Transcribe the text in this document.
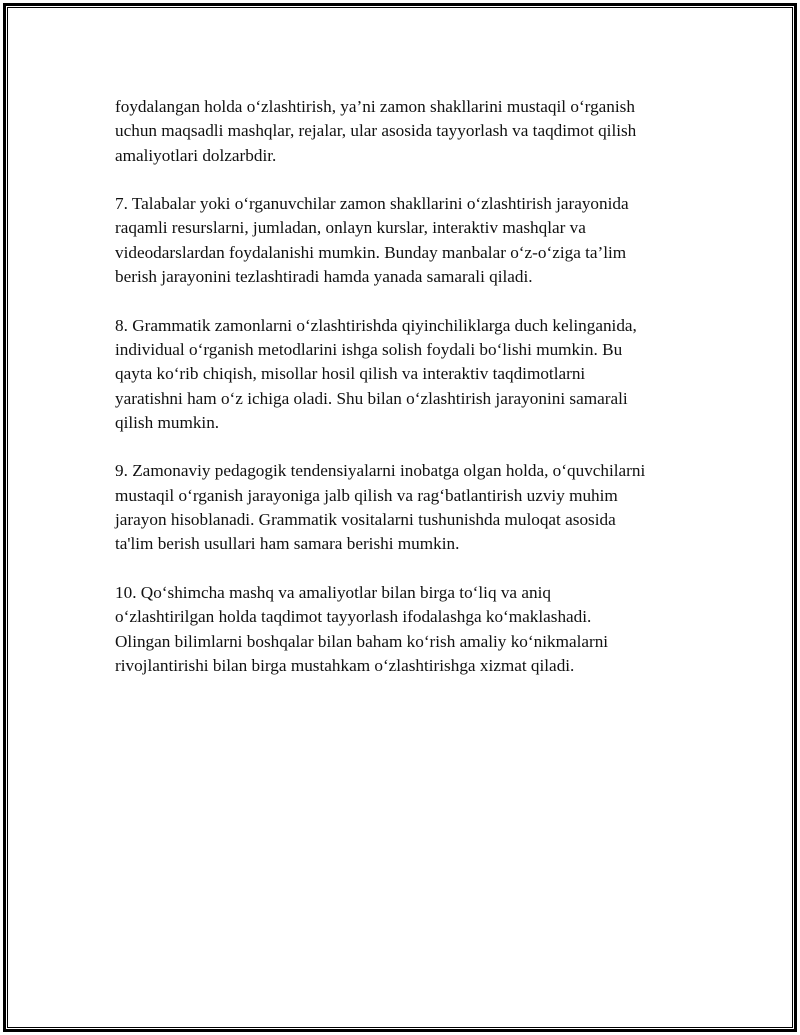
foydalangan holda o‘zlashtirish, ya’ni zamon shakllarini mustaqil o‘rganish
uchun maqsadli mashqlar, rejalar, ular asosida tayyorlash va taqdimot qilish
amaliyotlari dolzarbdir.

7. Talabalar yoki o‘rganuvchilar zamon shakllarini o‘zlashtirish jarayonida
raqamli resurslarni, jumladan, onlayn kurslar, interaktiv mashqlar va
videodarslardan foydalanishi mumkin. Bunday manbalar o‘z-o‘ziga ta’lim
berish jarayonini tezlashtiradi hamda yanada samarali qiladi.

8. Grammatik zamonlarni o‘zlashtirishda qiyinchiliklarga duch kelinganida,
individual o‘rganish metodlarini ishga solish foydali bo‘lishi mumkin. Bu
qayta ko‘rib chiqish, misollar hosil qilish va interaktiv taqdimotlarni
yaratishni ham o‘z ichiga oladi. Shu bilan o‘zlashtirish jarayonini samarali
qilish mumkin.

9. Zamonaviy pedagogik tendensiyalarni inobatga olgan holda, o‘quvchilarni
mustaqil o‘rganish jarayoniga jalb qilish va rag‘batlantirish uzviy muhim
jarayon hisoblanadi. Grammatik vositalarni tushunishda muloqat asosida
ta'lim berish usullari ham samara berishi mumkin.

10. Qo‘shimcha mashq va amaliyotlar bilan birga to‘liq va aniq
o‘zlashtirilgan holda taqdimot tayyorlash ifodalashga ko‘maklashadi.
Olingan bilimlarni boshqalar bilan baham ko‘rish amaliy ko‘nikmalarni
rivojlantirishi bilan birga mustahkam o‘zlashtirishga xizmat qiladi.
